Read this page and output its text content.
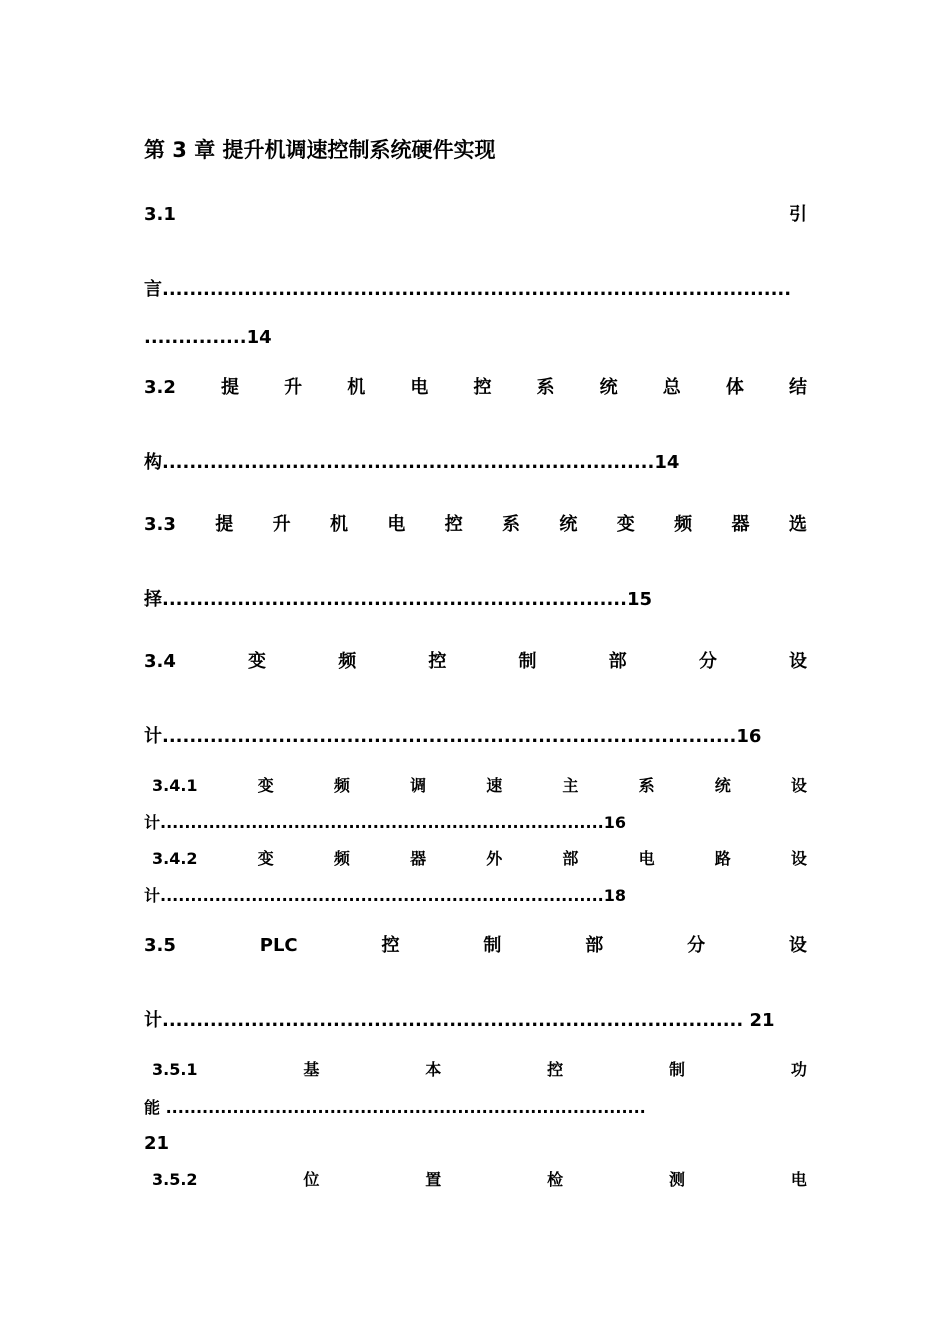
第 3 章 提升机调速控制系统硬件实现
3.1	引
言............................................................................................
...............14
3.2	提	升	机	电	控	系	统	总	体	结
构........................................................................14
3.3 提 升 机 电 控 系 统 变 频 器 选
择....................................................................15
3.4	变	频	控	制	部	分	设
计....................................................................................16
3.4.1	变	频	调	速	主	系	统	设
计.........................................................................16
3.4.2	变	频	器	外	部	电	路	设
计.........................................................................18
3.5	PLC	控	制	部	分	设
计..................................................................................... 21
3.5.1	基	本	控	制	功
能 ...............................................................................
21
3.5.2	位	置	检	测	电
